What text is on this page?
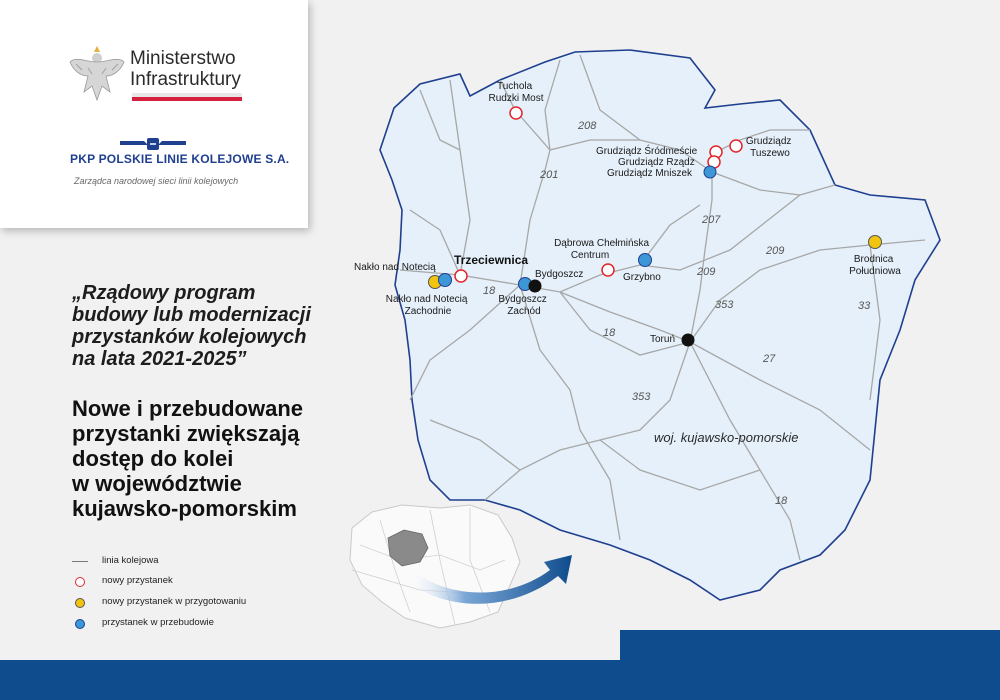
208
201
207
209
209
18
353
18
27
353
33
18
woj. kujawsko-pomorskie
Tuchola Rudzki Most
Grudziądz Tuszewo
Grudziądz Śródmeście
Grudziądz Rządz
Grudziądz Mniszek
Dąbrowa Chełmińska Centrum
Grzybno
Brodnica Południowa
Nakło nad Notecią
Nakło nad Notecią Zachodnie
Trzeciewnica
Bydgoszcz
Bydgoszcz Zachód
Toruń
Ministerstwo
Infrastruktury
PKP POLSKIE LINIE KOLEJOWE S.A.
Zarządca narodowej sieci linii kolejowych
„Rządowy program
budowy lub modernizacji
przystanków kolejowych
na lata 2021-2025”
Nowe i przebudowane
przystanki zwiększają
dostęp do kolei
w województwie
kujawsko-pomorskim
linia kolejowa
nowy przystanek
nowy przystanek w przygotowaniu
przystanek w przebudowie
